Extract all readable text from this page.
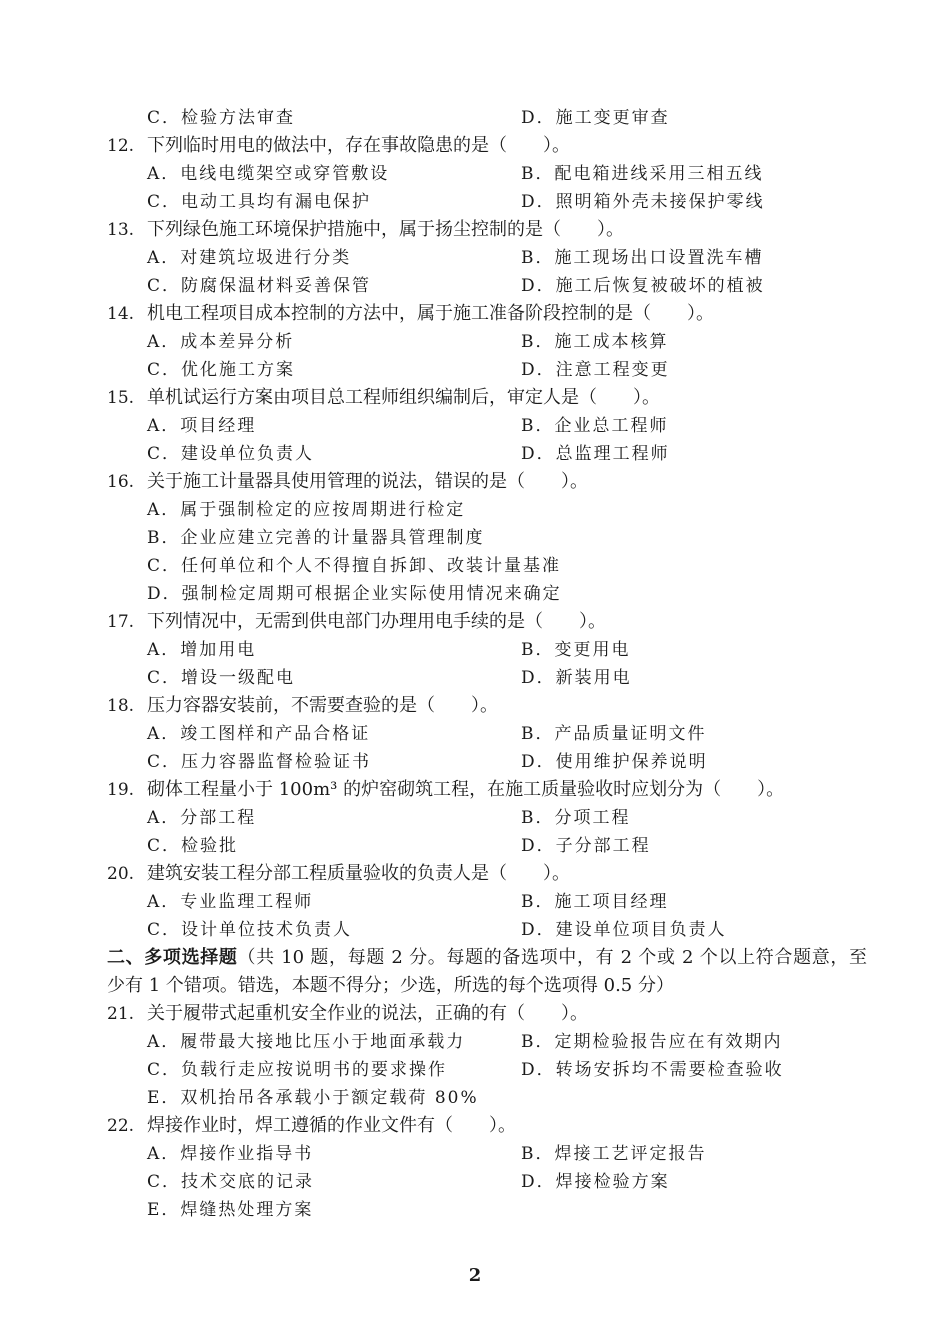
C．检验方法审查	D．施工变更审查
12. 下列临时用电的做法中，存在事故隐患的是（　　）。
A．电线电缆架空或穿管敷设	B．配电箱进线采用三相五线
C．电动工具均有漏电保护	D．照明箱外壳未接保护零线
13. 下列绿色施工环境保护措施中，属于扬尘控制的是（　　）。
A．对建筑垃圾进行分类	B．施工现场出口设置洗车槽
C．防腐保温材料妥善保管	D．施工后恢复被破坏的植被
14. 机电工程项目成本控制的方法中，属于施工准备阶段控制的是（　　）。
A．成本差异分析	B．施工成本核算
C．优化施工方案	D．注意工程变更
15. 单机试运行方案由项目总工程师组织编制后，审定人是（　　）。
A．项目经理	B．企业总工程师
C．建设单位负责人	D．总监理工程师
16. 关于施工计量器具使用管理的说法，错误的是（　　）。
A．属于强制检定的应按周期进行检定
B．企业应建立完善的计量器具管理制度
C．任何单位和个人不得擅自拆卸、改装计量基准
D．强制检定周期可根据企业实际使用情况来确定
17. 下列情况中，无需到供电部门办理用电手续的是（　　）。
A．增加用电	B．变更用电
C．增设一级配电	D．新装用电
18. 压力容器安装前，不需要查验的是（　　）。
A．竣工图样和产品合格证	B．产品质量证明文件
C．压力容器监督检验证书	D．使用维护保养说明
19. 砌体工程量小于 100m³ 的炉窑砌筑工程，在施工质量验收时应划分为（　　）。
A．分部工程	B．分项工程
C．检验批	D．子分部工程
20. 建筑安装工程分部工程质量验收的负责人是（　　）。
A．专业监理工程师	B．施工项目经理
C．设计单位技术负责人	D．建设单位项目负责人
二、多项选择题（共 10 题，每题 2 分。每题的备选项中，有 2 个或 2 个以上符合题意，至
少有 1 个错项。错选，本题不得分；少选，所选的每个选项得 0.5 分）
21. 关于履带式起重机安全作业的说法，正确的有（　　）。
A．履带最大接地比压小于地面承载力	B．定期检验报告应在有效期内
C．负载行走应按说明书的要求操作	D．转场安拆均不需要检查验收
E．双机抬吊各承载小于额定载荷 80%
22. 焊接作业时，焊工遵循的作业文件有（　　）。
A．焊接作业指导书	B．焊接工艺评定报告
C．技术交底的记录	D．焊接检验方案
E．焊缝热处理方案
2
